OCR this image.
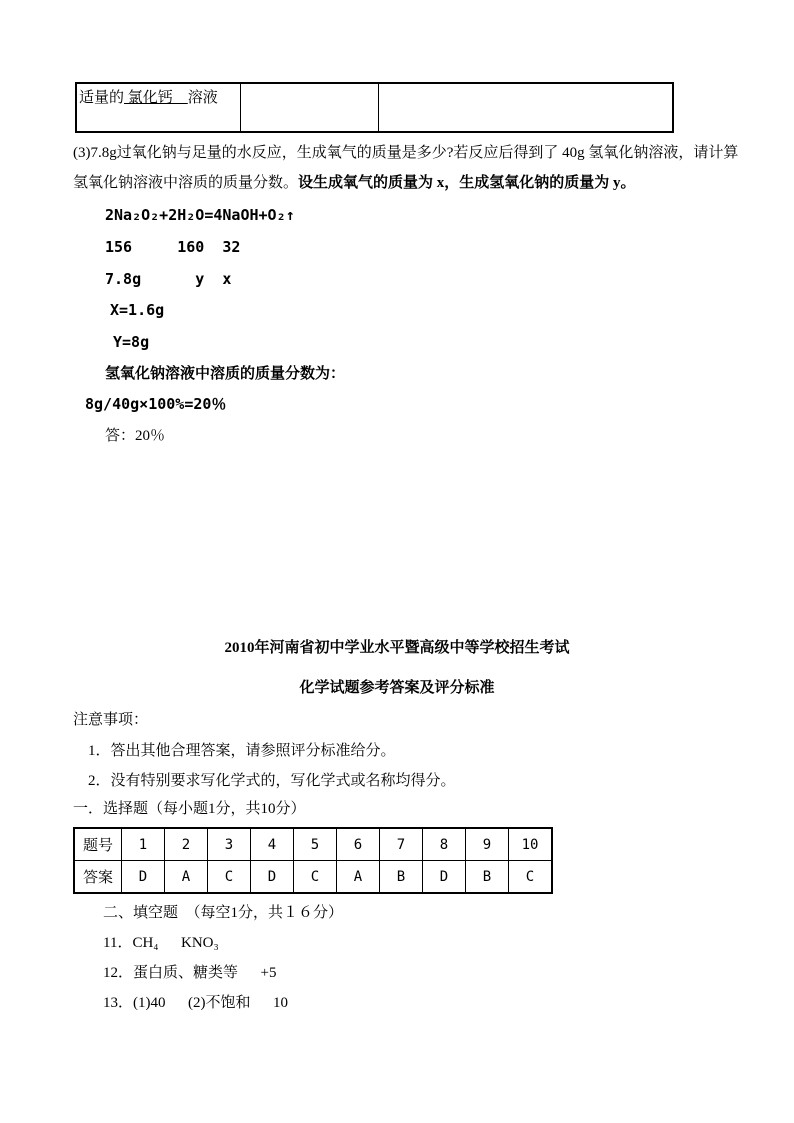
适量的 氯化钙　溶液		
(3)7.8g过氧化钠与足量的水反应，生成氧气的质量是多少?若反应后得到了 40g 氢氧化钠溶液，请计算
氢氧化钠溶液中溶质的质量分数。设生成氧气的质量为 x，生成氢氧化钠的质量为 y。
2Na₂O₂+2H₂O=4NaOH+O₂↑
156     160  32
7.8g      y  x
X=1.6g
Y=8g
氢氧化钠溶液中溶质的质量分数为：
8g/40g×100%=20％
答：20％
2010年河南省初中学业水平暨高级中等学校招生考试
化学试题参考答案及评分标准
注意事项：
1．答出其他合理答案，请参照评分标准给分。
2．没有特别要求写化学式的，写化学式或名称均得分。
一．选择题（每小题1分，共10分）
题号	1	2	3	4	5	6	7	8	9	10
答案	D	A	C	D	C	A	B	D	B	C
二、填空题　（每空1分，共１６分）
11．CH₄      KNO₃
12．蛋白质、糖类等      +5
13．(1)40      (2)不饱和      10
